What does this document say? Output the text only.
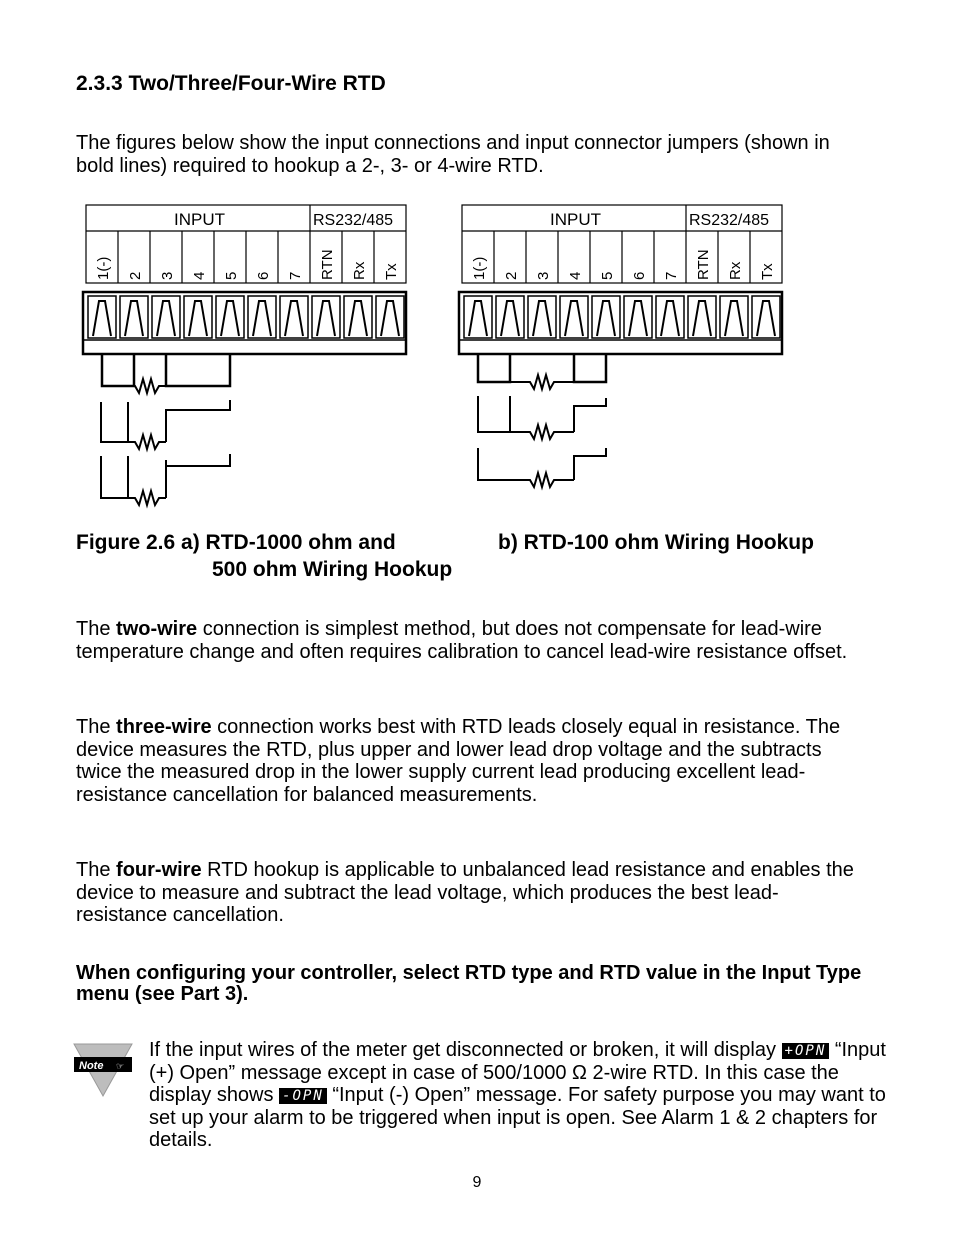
2.3.3 Two/Three/Four-Wire RTD
The figures below show the input connections and input connector jumpers (shown in bold lines) required to hookup a 2-, 3- or 4-wire RTD.
INPUT	RS232/485
1(-) 2 3 4 5 6 7 RTN Rx Tx
INPUT	RS232/485
1(-) 2 3 4 5 6 7 RTN Rx Tx
Figure 2.6 a) RTD-1000 ohm and
500 ohm Wiring Hookup
b) RTD-100 ohm Wiring Hookup
The two-wire connection is simplest method, but does not compensate for lead-wire temperature change and often requires calibration to cancel lead-wire resistance offset.
The three-wire connection works best with RTD leads closely equal in resistance. The device measures the RTD, plus upper and lower lead drop voltage and the subtracts twice the measured drop in the lower supply current lead producing excellent lead-resistance cancellation for balanced measurements.
The four-wire RTD hookup is applicable to unbalanced lead resistance and enables the device to measure and subtract the lead voltage, which produces the best lead-resistance cancellation.
When configuring your controller, select RTD type and RTD value in the Input Type menu (see Part 3).
Note ☞
If the input wires of the meter get disconnected or broken, it will display +OPN “Input (+) Open” message except in case of 500/1000 Ω 2-wire RTD. In this case the display shows -OPN “Input (-) Open” message. For safety purpose you may want to set up your alarm to be triggered when input is open. See Alarm 1 & 2 chapters for details.
9
